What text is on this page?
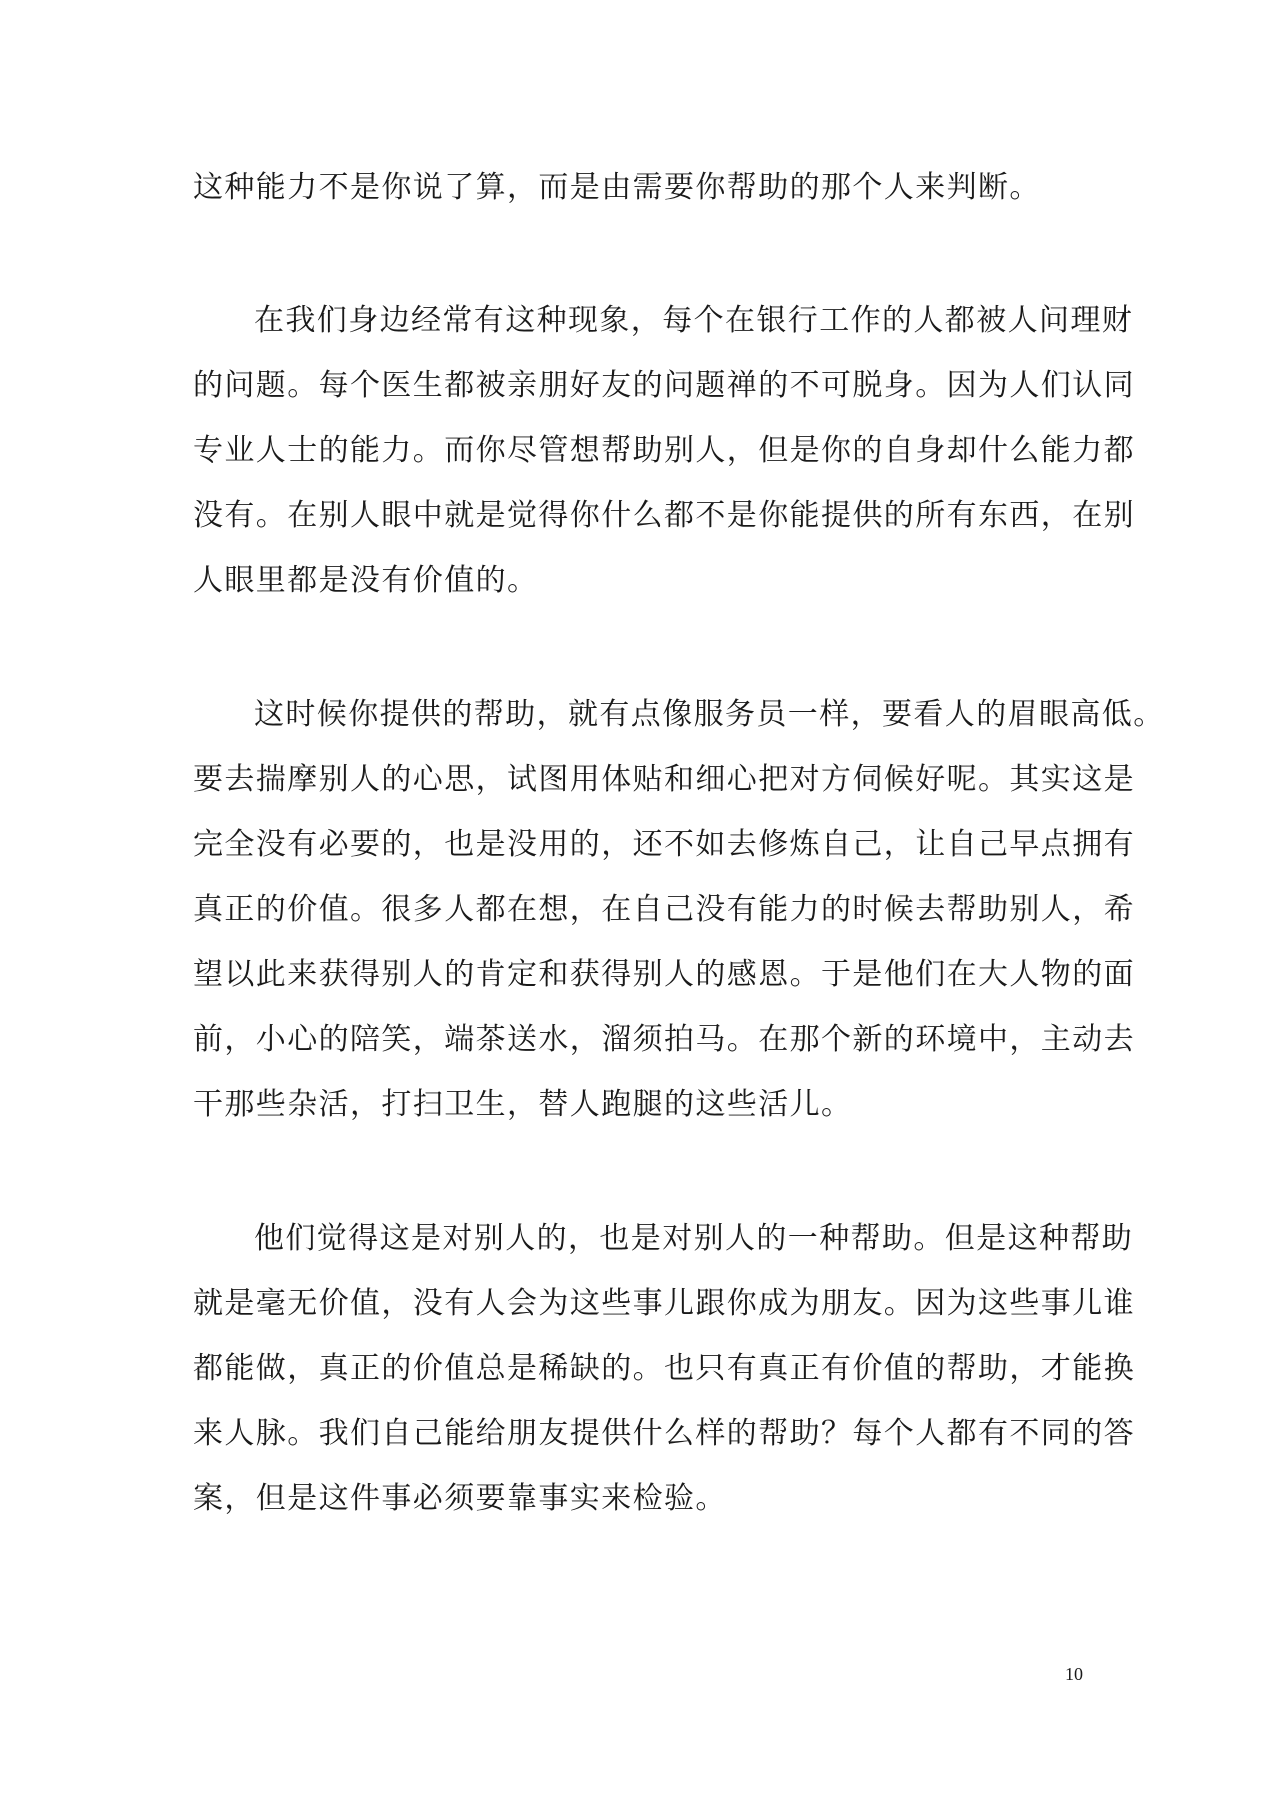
这种能力不是你说了算，而是由需要你帮助的那个人来判断。
在我们身边经常有这种现象，每个在银行工作的人都被人问理财
的问题。每个医生都被亲朋好友的问题禅的不可脱身。因为人们认同
专业人士的能力。而你尽管想帮助别人，但是你的自身却什么能力都
没有。在别人眼中就是觉得你什么都不是你能提供的所有东西，在别
人眼里都是没有价值的。
这时候你提供的帮助，就有点像服务员一样，要看人的眉眼高低。
要去揣摩别人的心思，试图用体贴和细心把对方伺候好呢。其实这是
完全没有必要的，也是没用的，还不如去修炼自己，让自己早点拥有
真正的价值。很多人都在想，在自己没有能力的时候去帮助别人，希
望以此来获得别人的肯定和获得别人的感恩。于是他们在大人物的面
前，小心的陪笑，端茶送水，溜须拍马。在那个新的环境中，主动去
干那些杂活，打扫卫生，替人跑腿的这些活儿。
他们觉得这是对别人的，也是对别人的一种帮助。但是这种帮助
就是毫无价值，没有人会为这些事儿跟你成为朋友。因为这些事儿谁
都能做，真正的价值总是稀缺的。也只有真正有价值的帮助，才能换
来人脉。我们自己能给朋友提供什么样的帮助？每个人都有不同的答
案，但是这件事必须要靠事实来检验。
10
